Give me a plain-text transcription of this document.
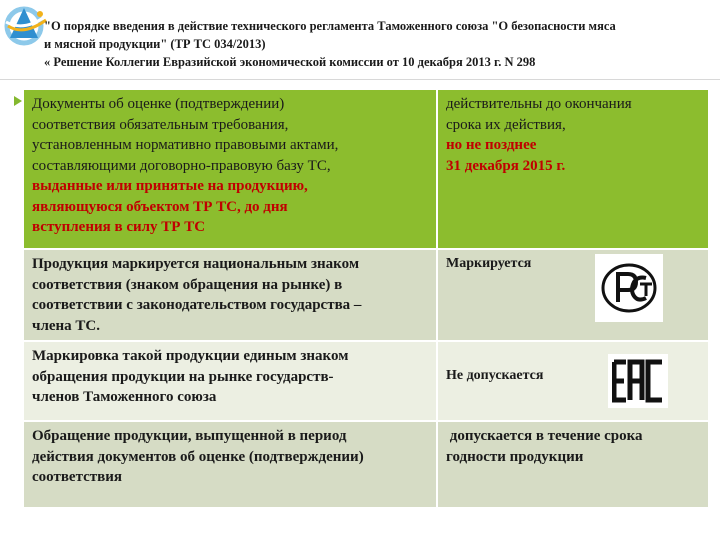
"О порядке введения в действие технического регламента Таможенного союза "О безопасности мяса
и мясной продукции" (ТР ТС 034/2013)
« Решение Коллегии Евразийской экономической комиссии от 10 декабря 2013 г. N 298
Документы об оценке (подтверждении)
соответствия обязательным требования,
установленным нормативно правовыми актами,
составляющими договорно-правовую базу ТС,
выданные или принятые на продукцию,
являющуюся объектом ТР ТС, до дня
вступления в силу ТР ТС
действительны до окончания
срока их действия,
но не позднее
31 декабря 2015 г.
Продукция маркируется национальным знаком
соответствия (знаком обращения на рынке) в
соответствии с законодательством государства –
члена ТС.
Маркируется
Маркировка такой продукции единым знаком
обращения продукции на рынке государств-
членов Таможенного союза
Не допускается
Обращение продукции, выпущенной в период
действия документов об оценке (подтверждении)
соответствия
допускается в течение срока
годности продукции
